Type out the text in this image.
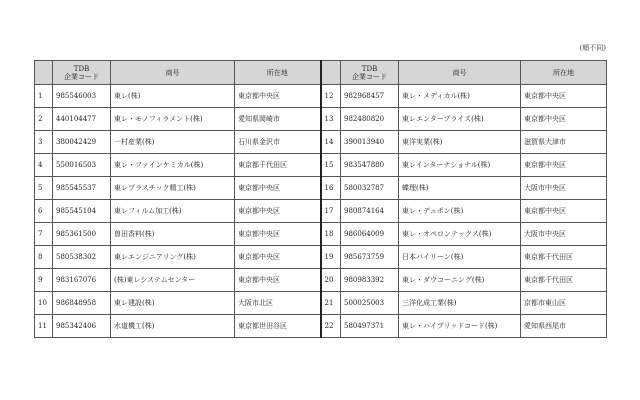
(順不同)

	TDB
企業コード	商号	所在地		TDB
企業コード	商号	所在地
1	985546003	東レ(株)	東京都中央区	12	982968457	東レ・メディカル(株)	東京都中央区
2	440104477	東レ・モノフィラメント(株)	愛知県岡崎市	13	982480820	東レエンタープライズ(株)	東京都中央区
3	380042429	一村産業(株)	石川県金沢市	14	390013940	東洋実業(株)	滋賀県大津市
4	550016503	東レ・ファインケミカル(株)	東京都千代田区	15	983547880	東レインターナショナル(株)	東京都中央区
5	985545537	東レプラスチック精工(株)	東京都中央区	16	580032787	蝶理(株)	大阪市中央区
6	985545104	東レフィルム加工(株)	東京都中央区	17	980874164	東レ・デュポン(株)	東京都中央区
7	985361500	曽田香料(株)	東京都中央区	18	986064009	東レ・オペロンテックス(株)	大阪市中央区
8	580538302	東レエンジニアリング(株)	東京都中央区	19	985673759	日本バイリーン(株)	東京都千代田区
9	983167076	(株)東レシステムセンター	東京都中央区	20	980983392	東レ・ダウコーニング(株)	東京都千代田区
10	986848958	東レ建設(株)	大阪市北区	21	500025003	三洋化成工業(株)	京都市東山区
11	985342406	水道機工(株)	東京都世田谷区	22	580497371	東レ・ハイブリッドコード(株)	愛知県西尾市
